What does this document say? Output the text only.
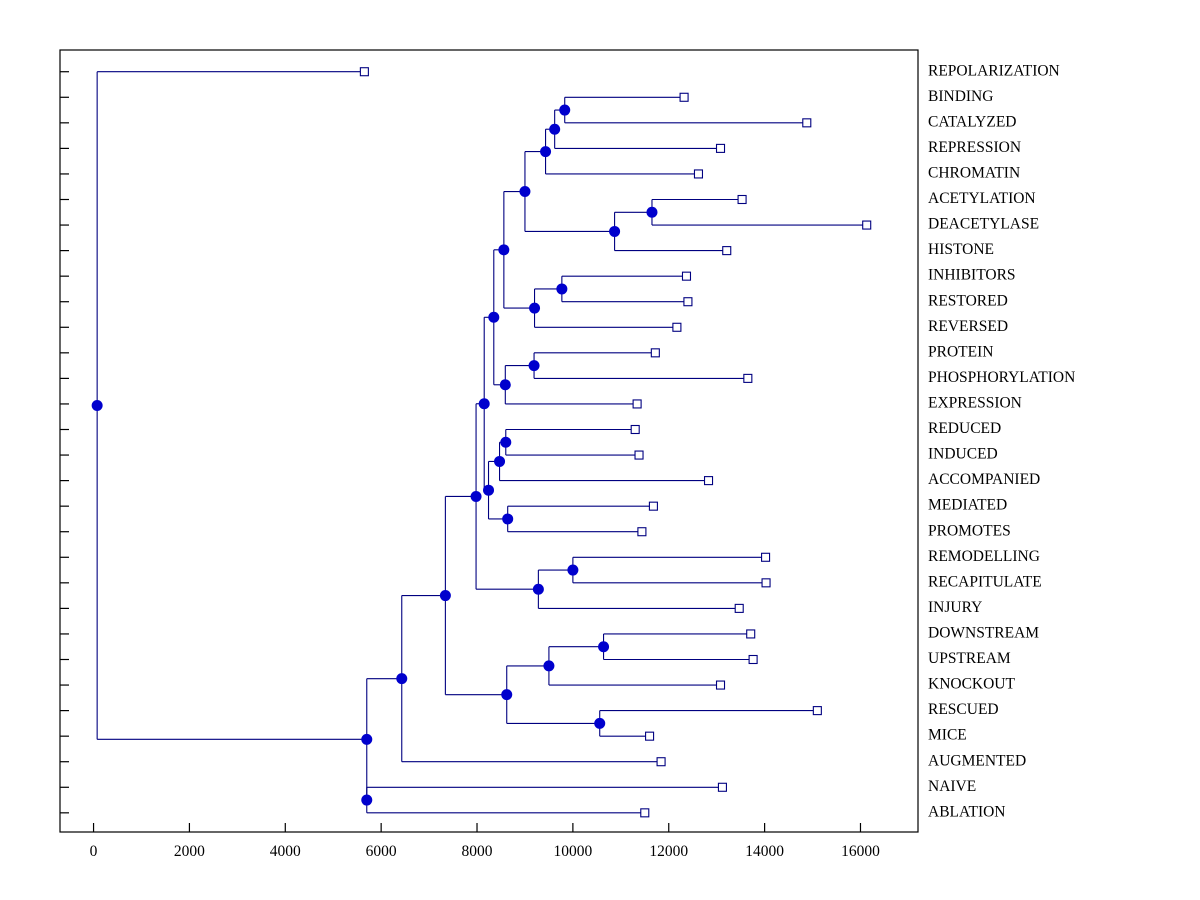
REPOLARIZATION
BINDING
CATALYZED
REPRESSION
CHROMATIN
ACETYLATION
DEACETYLASE
HISTONE
INHIBITORS
RESTORED
REVERSED
PROTEIN
PHOSPHORYLATION
EXPRESSION
REDUCED
INDUCED
ACCOMPANIED
MEDIATED
PROMOTES
REMODELLING
RECAPITULATE
INJURY
DOWNSTREAM
UPSTREAM
KNOCKOUT
RESCUED
MICE
AUGMENTED
NAIVE
ABLATION
0	2000	4000	6000	8000	10000	12000	14000	16000
